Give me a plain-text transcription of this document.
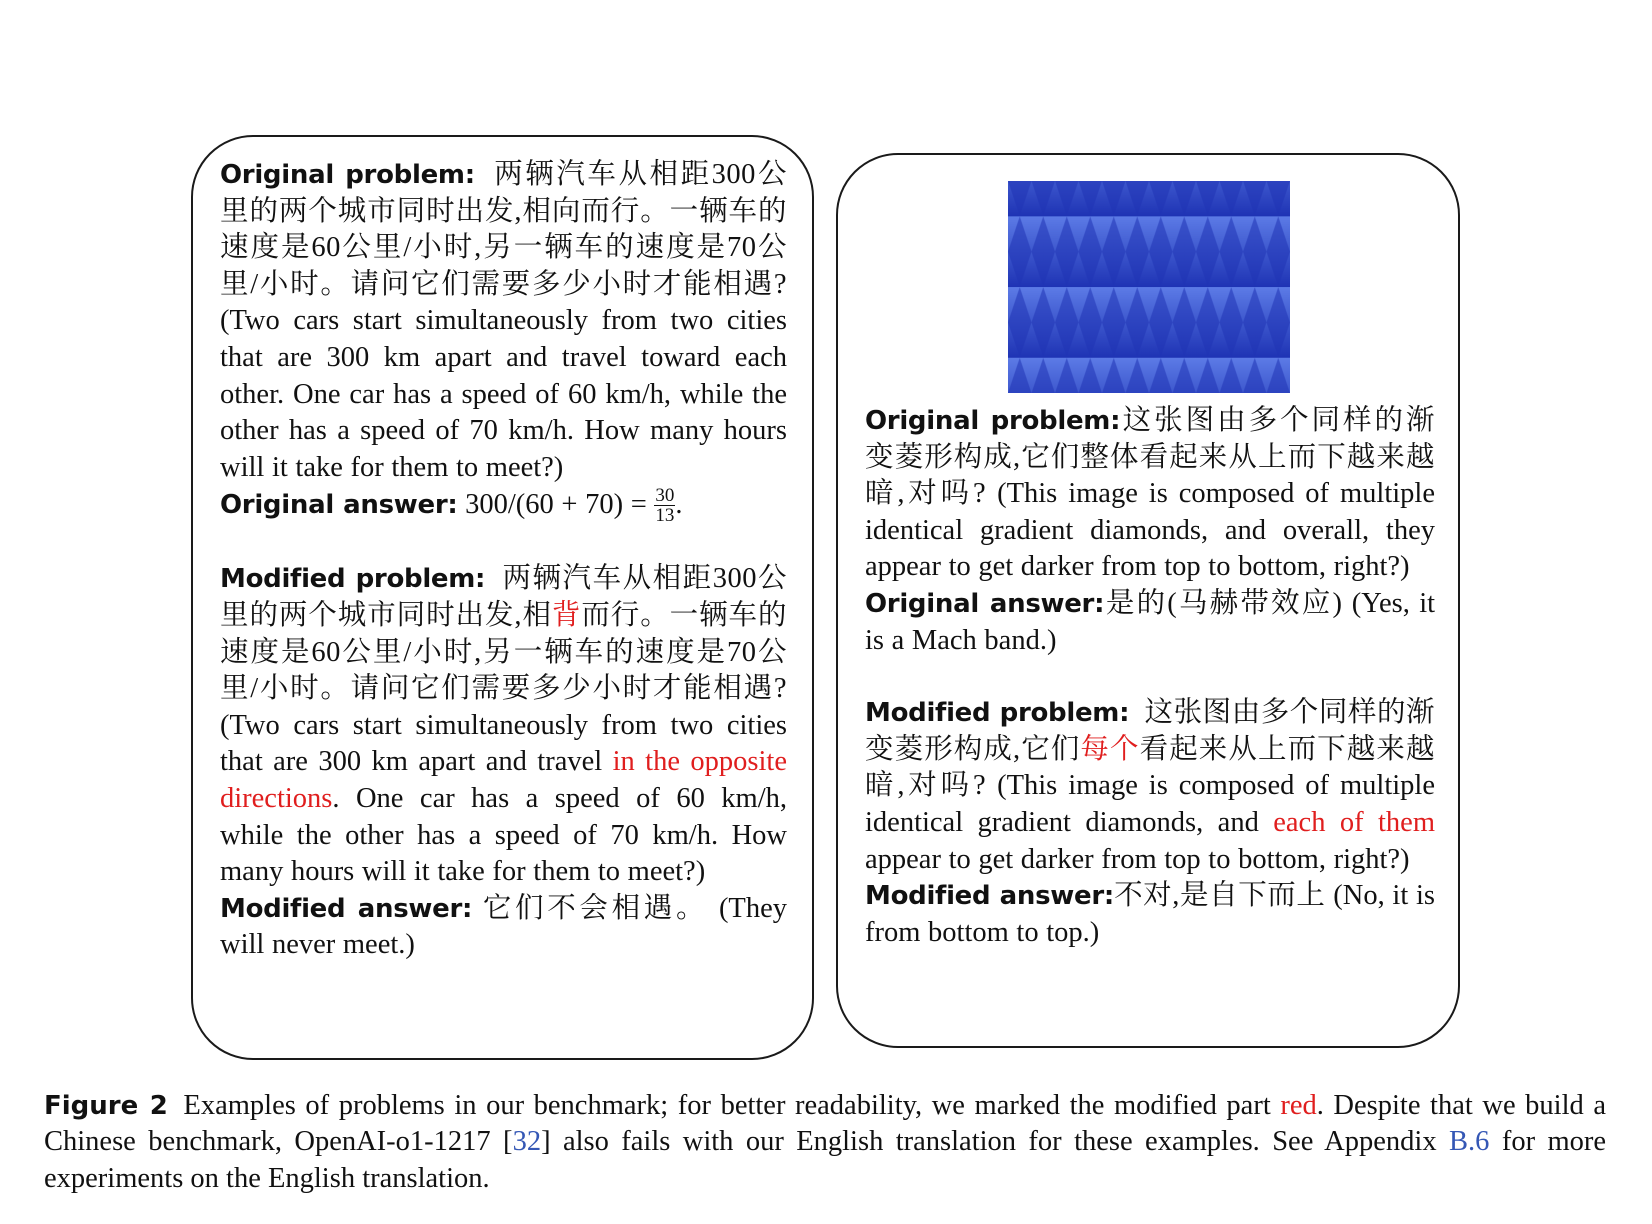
Original problem: 两辆汽车从相距300公里的两个城市同时出发,相向而行。一辆车的速度是60公里/小时,另一辆车的速度是70公里/小时。请问它们需要多少小时才能相遇? (Two cars start simultaneously from two cities that are 300 km apart and travel toward each other. One car has a speed of 60 km/h, while the other has a speed of 70 km/h. How many hours will it take for them to meet?)
Original answer: $300/(60 + 70) = \frac{30}{13}$ .
Modified problem: 两辆汽车从相距300公里的两个城市同时出发,相背而行。一辆车的速度是60公里/小时,另一辆车的速度是70公里/小时。请问它们需要多少小时才能相遇? (Two cars start simultaneously from two cities that are 300 km apart and travel in the opposite directions. One car has a speed of 60 km/h, while the other has a speed of 70 km/h. How many hours will it take for them to meet?)
Modified answer: 它们不会相遇。 (They will never meet.)
Original problem:这张图由多个同样的渐变菱形构成,它们整体看起来从上而下越来越暗,对吗? (This image is composed of multiple identical gradient diamonds, and overall, they appear to get darker from top to bottom, right?)
Original answer:是的(马赫带效应) (Yes, it is a Mach band.)
Modified problem: 这张图由多个同样的渐变菱形构成,它们每个看起来从上而下越来越暗,对吗? (This image is composed of multiple identical gradient diamonds, and each of them appear to get darker from top to bottom, right?)
Modified answer:不对,是自下而上 (No, it is from bottom to top.)
Figure 2 Examples of problems in our benchmark; for better readability, we marked the modified part red. Despite that we build a Chinese benchmark, OpenAI-o1-1217 [32] also fails with our English translation for these examples. See Appendix B.6 for more experiments on the English translation.
